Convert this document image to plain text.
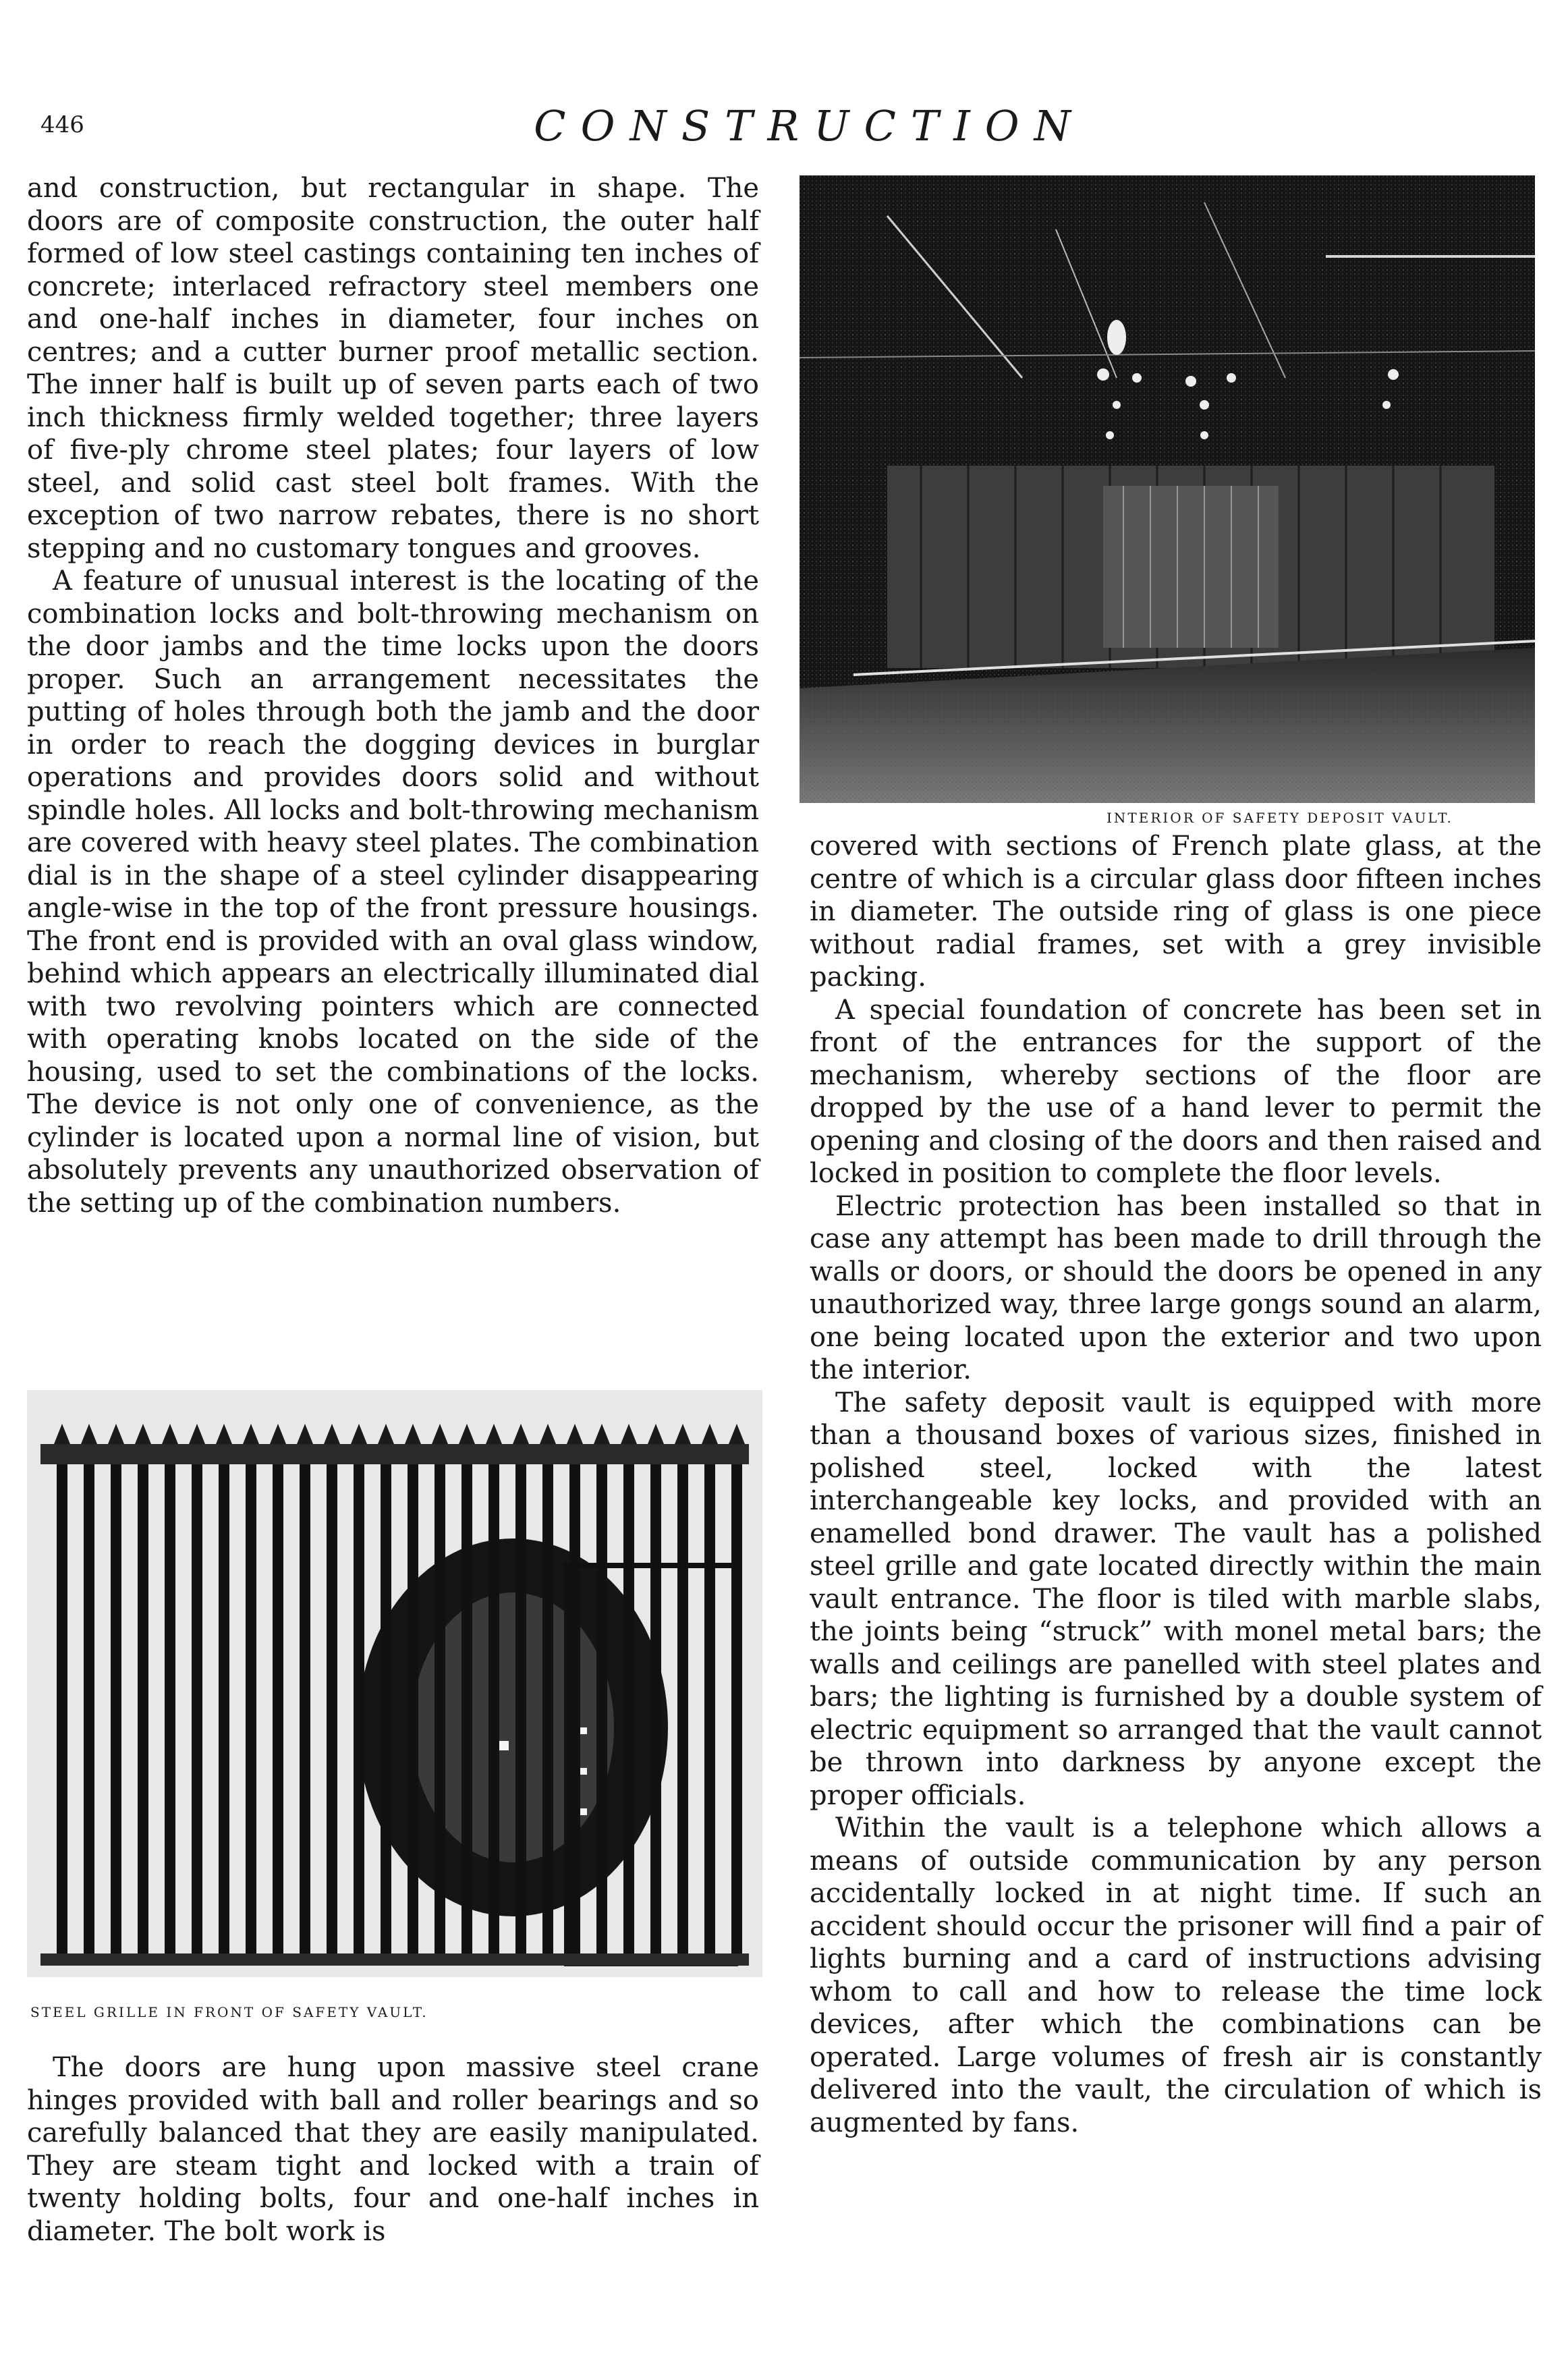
446	CONSTRUCTION

and construction, but rectangular in shape. The doors are of composite construction, the outer half formed of low steel castings containing ten inches of concrete; interlaced refractory steel members one and one-half inches in diameter, four inches on centres; and a cutter burner proof metallic section. The inner half is built up of seven parts each of two inch thickness firmly welded together; three layers of five-ply chrome steel plates; four layers of low steel, and solid cast steel bolt frames. With the exception of two narrow rebates, there is no short stepping and no customary tongues and grooves.

A feature of unusual interest is the locating of the combination locks and bolt-throwing mechanism on the door jambs and the time locks upon the doors proper. Such an arrangement necessitates the putting of holes through both the jamb and the door in order to reach the dogging devices in burglar operations and provides doors solid and without spindle holes. All locks and bolt-throwing mechanism are covered with heavy steel plates. The combination dial is in the shape of a steel cylinder disappearing angle-wise in the top of the front pressure housings. The front end is provided with an oval glass window, behind which appears an electrically illuminated dial with two revolving pointers which are connected with operating knobs located on the side of the housing, used to set the combinations of the locks. The device is not only one of convenience, as the cylinder is located upon a normal line of vision, but absolutely prevents any unauthorized observation of the setting up of the combination numbers.

INTERIOR OF SAFETY DEPOSIT VAULT.
STEEL GRILLE IN FRONT OF SAFETY VAULT.

The doors are hung upon massive steel crane hinges provided with ball and roller bearings and so carefully balanced that they are easily manipulated. They are steam tight and locked with a train of twenty holding bolts, four and one-half inches in diameter. The bolt work is

covered with sections of French plate glass, at the centre of which is a circular glass door fifteen inches in diameter. The outside ring of glass is one piece without radial frames, set with a grey invisible packing.

A special foundation of concrete has been set in front of the entrances for the support of the mechanism, whereby sections of the floor are dropped by the use of a hand lever to permit the opening and closing of the doors and then raised and locked in position to complete the floor levels.

Electric protection has been installed so that in case any attempt has been made to drill through the walls or doors, or should the doors be opened in any unauthorized way, three large gongs sound an alarm, one being located upon the exterior and two upon the interior.

The safety deposit vault is equipped with more than a thousand boxes of various sizes, finished in polished steel, locked with the latest interchangeable key locks, and provided with an enamelled bond drawer. The vault has a polished steel grille and gate located directly within the main vault entrance. The floor is tiled with marble slabs, the joints being “struck” with monel metal bars; the walls and ceilings are panelled with steel plates and bars; the lighting is furnished by a double system of electric equipment so arranged that the vault cannot be thrown into darkness by anyone except the proper officials.

Within the vault is a telephone which allows a means of outside communication by any person accidentally locked in at night time. If such an accident should occur the prisoner will find a pair of lights burning and a card of instructions advising whom to call and how to release the time lock devices, after which the combinations can be operated. Large volumes of fresh air is constantly delivered into the vault, the circulation of which is augmented by fans.
